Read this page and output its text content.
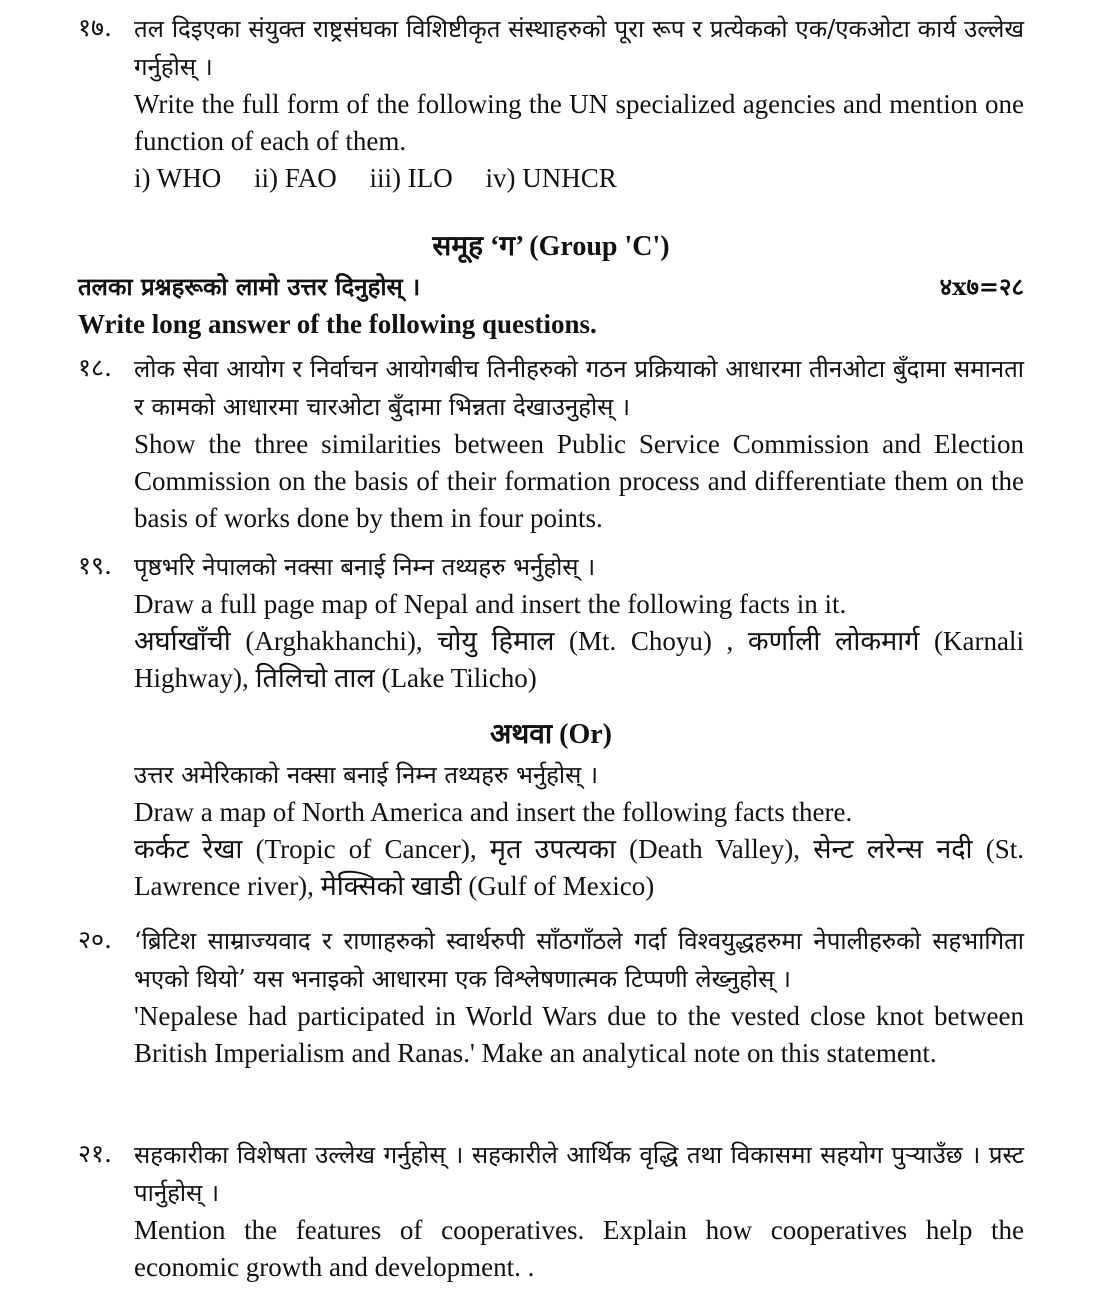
१७. तल दिइएका संयुक्त राष्ट्रसंघका विशिष्टीकृत संस्थाहरुको पूरा रूप र प्रत्येकको एक/एकओटा कार्य उल्लेख गर्नुहोस् ।

Write the full form of the following the UN specialized agencies and mention one function of each of them.

i) WHO ii) FAO iii) ILO iv) UNHCR

समूह ‘ग’ (Group 'C')
तलका प्रश्नहरूको लामो उत्तर दिनुहोस् ।	४x७=२८
Write long answer of the following questions.
१८. लोक सेवा आयोग र निर्वाचन आयोगबीच तिनीहरुको गठन प्रक्रियाको आधारमा तीनओटा बुँदामा समानता र कामको आधारमा चारओटा बुँदामा भिन्नता देखाउनुहोस् ।

Show the three similarities between Public Service Commission and Election Commission on the basis of their formation process and differentiate them on the basis of works done by them in four points.

१९. पृष्ठभरि नेपालको नक्सा बनाई निम्न तथ्यहरु भर्नुहोस् ।

Draw a full page map of Nepal and insert the following facts in it.

अर्घाखाँची (Arghakhanchi), चोयु हिमाल (Mt. Choyu) , कर्णाली लोकमार्ग (Karnali Highway), तिलिचो ताल (Lake Tilicho)

अथवा (Or)
उत्तर अमेरिकाको नक्सा बनाई निम्न तथ्यहरु भर्नुहोस् ।

Draw a map of North America and insert the following facts there.

कर्कट रेखा (Tropic of Cancer), मृत उपत्यका (Death Valley), सेन्ट लरेन्स नदी (St. Lawrence river), मेक्सिको खाडी (Gulf of Mexico)

२०. ‘ब्रिटिश साम्राज्यवाद र राणाहरुको स्वार्थरुपी साँठगाँठले गर्दा विश्वयुद्धहरुमा नेपालीहरुको सहभागिता भएको थियो’ यस भनाइको आधारमा एक विश्लेषणात्मक टिप्पणी लेख्नुहोस् ।

'Nepalese had participated in World Wars due to the vested close knot between British Imperialism and Ranas.' Make an analytical note on this statement.

२१. सहकारीका विशेषता उल्लेख गर्नुहोस् । सहकारीले आर्थिक वृद्धि तथा विकासमा सहयोग पुऱ्याउँछ । प्रस्ट पार्नुहोस् ।

Mention the features of cooperatives. Explain how cooperatives help the economic growth and development. .
